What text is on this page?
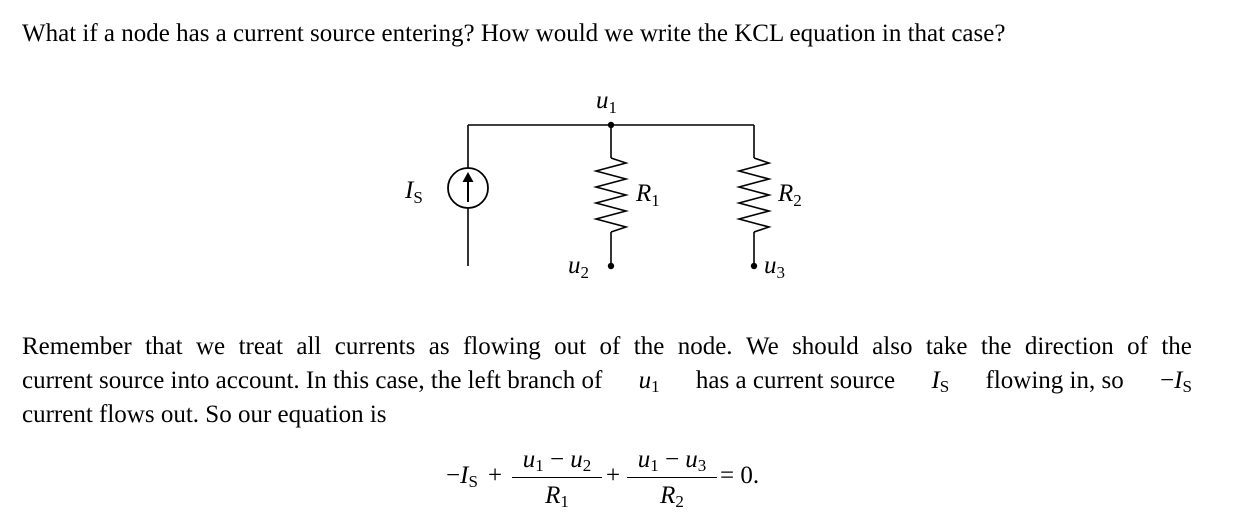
What if a node has a current source entering? How would we write the KCL equation in that case?
$u_1$
$I_S$	$R_1$	$R_2$
$u_2$	$u_3$
Remember that we treat all currents as flowing out of the node. We should also take the direction of the
current source into account. In this case, the left branch of $u_1$ has a current source $I_S$ flowing in, so $-I_S$
current flows out. So our equation is
$-I_S$ +
$u_1 - u_2$
$R_1$
+
$u_1 - u_3$
$R_2$
= 0.
